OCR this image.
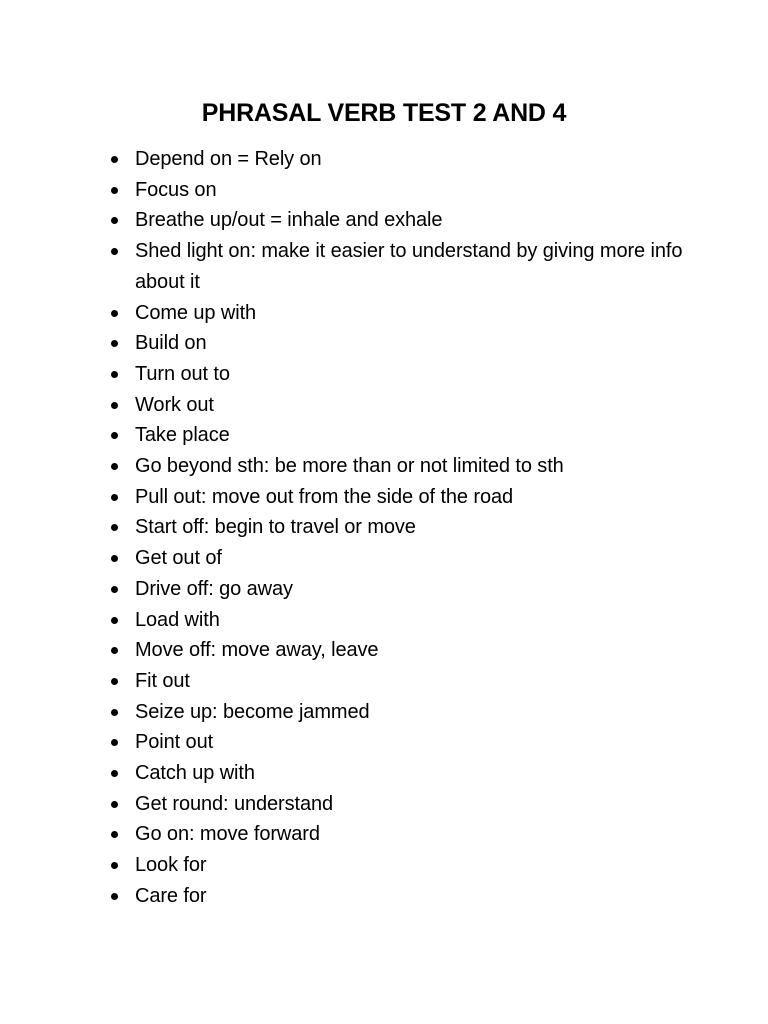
PHRASAL VERB TEST 2 AND 4
Depend on = Rely on
Focus on
Breathe up/out = inhale and exhale
Shed light on: make it easier to understand by giving more info about it
Come up with
Build on
Turn out to
Work out
Take place
Go beyond sth: be more than or not limited to sth
Pull out: move out from the side of the road
Start off: begin to travel or move
Get out of
Drive off: go away
Load with
Move off: move away, leave
Fit out
Seize up: become jammed
Point out
Catch up with
Get round: understand
Go on: move forward
Look for
Care for
